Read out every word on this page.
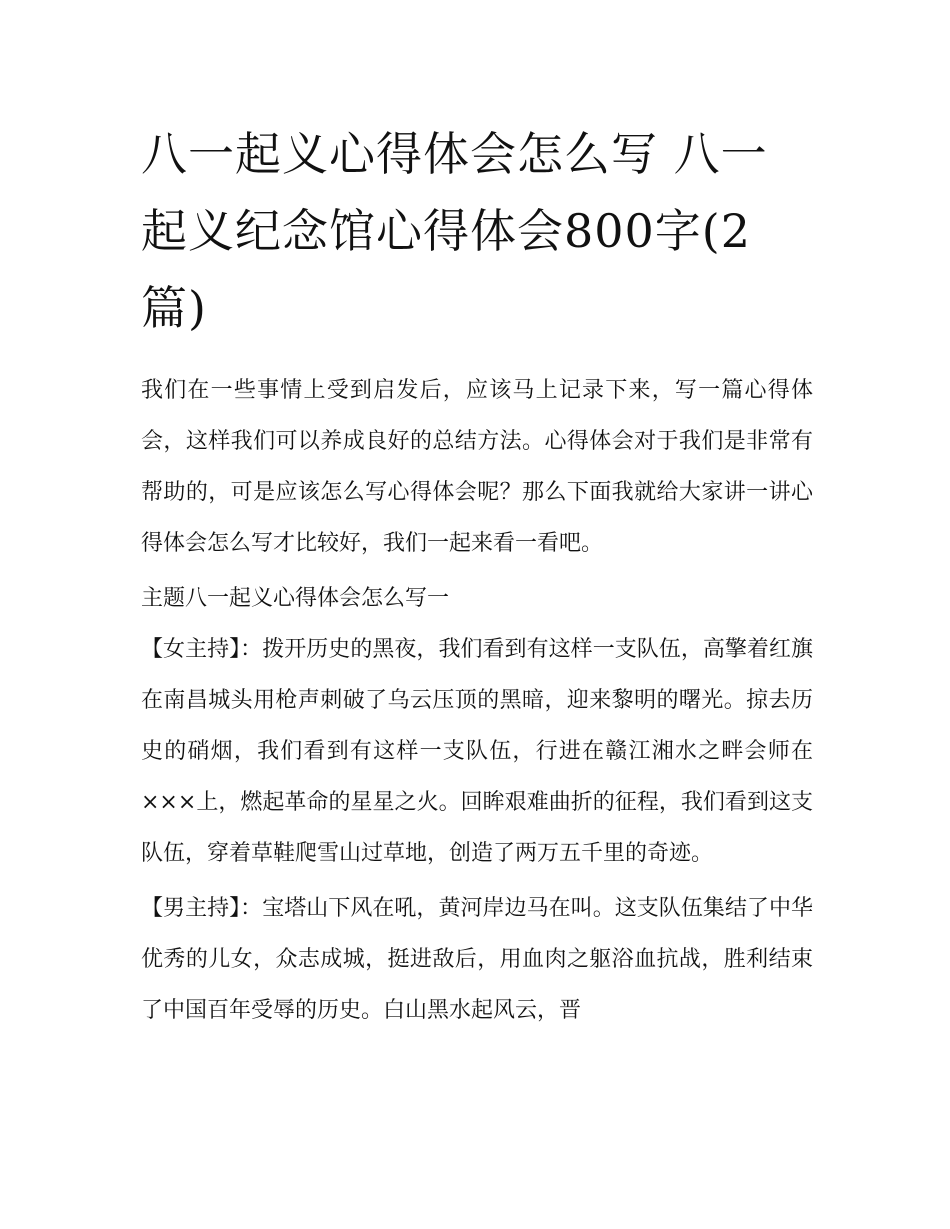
八一起义心得体会怎么写 八一起义纪念馆心得体会800字(2篇)

我们在一些事情上受到启发后，应该马上记录下来，写一篇心得体会，这样我们可以养成良好的总结方法。心得体会对于我们是非常有帮助的，可是应该怎么写心得体会呢？那么下面我就给大家讲一讲心得体会怎么写才比较好，我们一起来看一看吧。

主题八一起义心得体会怎么写一

【女主持】：拨开历史的黑夜，我们看到有这样一支队伍，高擎着红旗在南昌城头用枪声刺破了乌云压顶的黑暗，迎来黎明的曙光。掠去历史的硝烟，我们看到有这样一支队伍，行进在赣江湘水之畔会师在×××上，燃起革命的星星之火。回眸艰难曲折的征程，我们看到这支队伍，穿着草鞋爬雪山过草地，创造了两万五千里的奇迹。

【男主持】：宝塔山下风在吼，黄河岸边马在叫。这支队伍集结了中华优秀的儿女，众志成城，挺进敌后，用血肉之躯浴血抗战，胜利结束了中国百年受辱的历史。白山黑水起风云，晋
